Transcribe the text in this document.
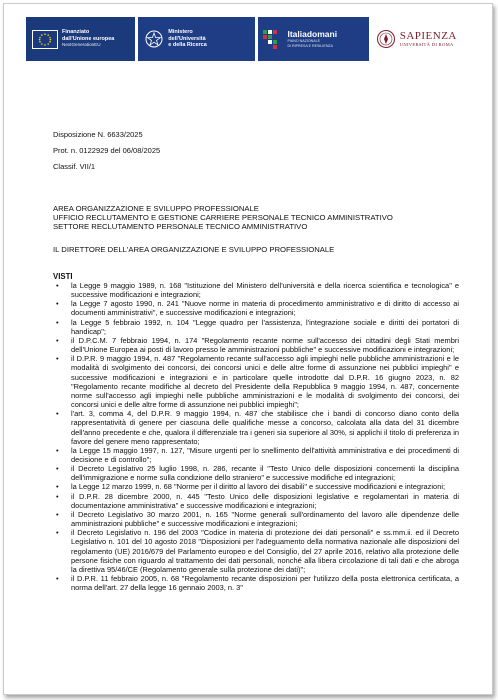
Finanziato
dall'Unione europea
NextGenerationEU
Ministero
dell'Università
e della Ricerca
Italiadomani
PIANO NAZIONALE
DI RIPRESA E RESILIENZA
SAPIENZA
UNIVERSITÀ DI ROMA
Disposizione N. 6633/2025
Prot. n. 0122929 del 06/08/2025
Classif. VII/1
AREA ORGANIZZAZIONE E SVILUPPO PROFESSIONALE
UFFICIO RECLUTAMENTO E GESTIONE CARRIERE PERSONALE TECNICO AMMINISTRATIVO
SETTORE RECLUTAMENTO PERSONALE TECNICO AMMINISTRATIVO
IL DIRETTORE DELL'AREA ORGANIZZAZIONE E SVILUPPO PROFESSIONALE
VISTI
• la Legge 9 maggio 1989, n. 168 "Istituzione del Ministero dell'università e della ricerca scientifica e tecnologica" e successive modificazioni e integrazioni;
• la Legge 7 agosto 1990, n. 241 "Nuove norme in materia di procedimento amministrativo e di diritto di accesso ai documenti amministrativi", e successive modificazioni e integrazioni;
• la Legge 5 febbraio 1992, n. 104 "Legge quadro per l'assistenza, l'integrazione sociale e diritti dei portatori di handicap";
• il D.P.C.M. 7 febbraio 1994, n. 174 "Regolamento recante norme sull'accesso dei cittadini degli Stati membri dell'Unione Europea ai posti di lavoro presso le amministrazioni pubbliche" e successive modificazioni e integrazioni;
• il D.P.R. 9 maggio 1994, n. 487 "Regolamento recante sull'accesso agli impieghi nelle pubbliche amministrazioni e le modalità di svolgimento dei concorsi, dei concorsi unici e delle altre forme di assunzione nei pubblici impieghi" e successive modificazioni e integrazioni e in particolare quelle introdotte dal D.P.R. 16 giugno 2023, n. 82 "Regolamento recante modifiche al decreto del Presidente della Repubblica 9 maggio 1994, n. 487, concernente norme sull'accesso agli impieghi nelle pubbliche amministrazioni e le modalità di svolgimento dei concorsi, dei concorsi unici e delle altre forme di assunzione nei pubblici impieghi";
• l'art. 3, comma 4, del D.P.R. 9 maggio 1994, n. 487 che stabilisce che i bandi di concorso diano conto della rappresentatività di genere per ciascuna delle qualifiche messe a concorso, calcolata alla data del 31 dicembre dell'anno precedente e che, qualora il differenziale tra i generi sia superiore al 30%, si applichi il titolo di preferenza in favore del genere meno rappresentato;
• la Legge 15 maggio 1997, n. 127, "Misure urgenti per lo snellimento dell'attività amministrativa e dei procedimenti di decisione e di controllo";
• il Decreto Legislativo 25 luglio 1998, n. 286, recante il "Testo Unico delle disposizioni concernenti la disciplina dell'immigrazione e norme sulla condizione dello straniero" e successive modifiche ed integrazioni;
• la Legge 12 marzo 1999, n. 68 "Norme per il diritto al lavoro dei disabili" e successive modificazioni e integrazioni;
• il D.P.R. 28 dicembre 2000, n. 445 "Testo Unico delle disposizioni legislative e regolamentari in materia di documentazione amministrativa" e successive modificazioni e integrazioni;
• il Decreto Legislativo 30 marzo 2001, n. 165 "Norme generali sull'ordinamento del lavoro alle dipendenze delle amministrazioni pubbliche" e successive modificazioni e integrazioni;
• il Decreto Legislativo n. 196 del 2003 "Codice in materia di protezione dei dati personali" e ss.mm.ii. ed il Decreto Legislativo n. 101 del 10 agosto 2018 "Disposizioni per l'adeguamento della normativa nazionale alle disposizioni del regolamento (UE) 2016/679 del Parlamento europeo e del Consiglio, del 27 aprile 2016, relativo alla protezione delle persone fisiche con riguardo al trattamento dei dati personali, nonché alla libera circolazione di tali dati e che abroga la direttiva 95/46/CE (Regolamento generale sulla protezione dei dati)";
• il D.P.R. 11 febbraio 2005, n. 68 "Regolamento recante disposizioni per l'utilizzo della posta elettronica certificata, a norma dell'art. 27 della legge 16 gennaio 2003, n. 3"
